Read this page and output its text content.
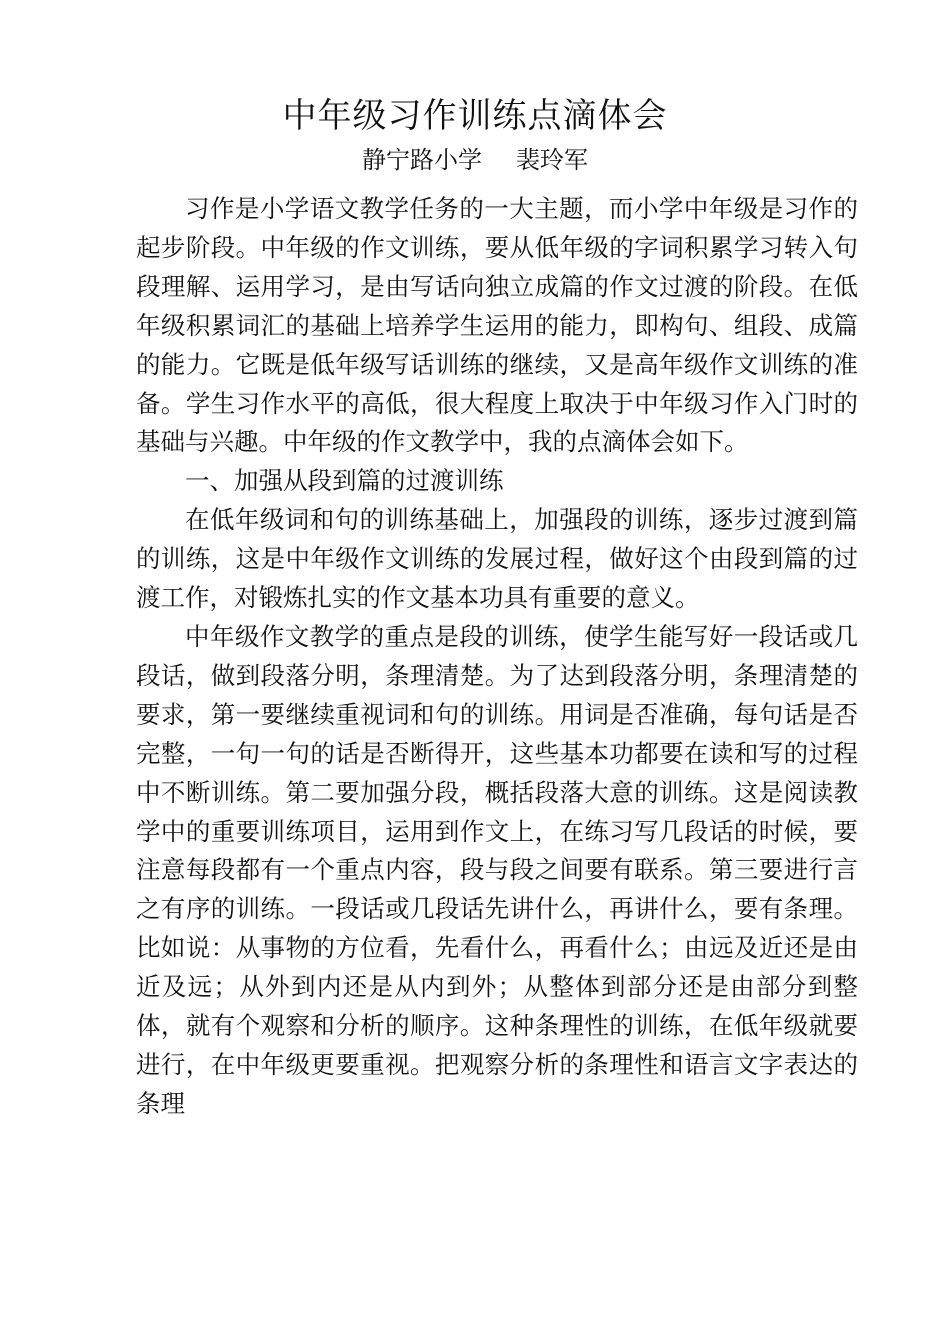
中年级习作训练点滴体会
静宁路小学 裴玲军

习作是小学语文教学任务的一大主题，而小学中年级是习作的起步阶段。中年级的作文训练，要从低年级的字词积累学习转入句段理解、运用学习，是由写话向独立成篇的作文过渡的阶段。在低年级积累词汇的基础上培养学生运用的能力，即构句、组段、成篇的能力。它既是低年级写话训练的继续，又是高年级作文训练的准备。学生习作水平的高低，很大程度上取决于中年级习作入门时的基础与兴趣。中年级的作文教学中，我的点滴体会如下。

一、加强从段到篇的过渡训练

在低年级词和句的训练基础上，加强段的训练，逐步过渡到篇的训练，这是中年级作文训练的发展过程，做好这个由段到篇的过渡工作，对锻炼扎实的作文基本功具有重要的意义。

中年级作文教学的重点是段的训练，使学生能写好一段话或几段话，做到段落分明，条理清楚。为了达到段落分明，条理清楚的要求，第一要继续重视词和句的训练。用词是否准确，每句话是否完整，一句一句的话是否断得开，这些基本功都要在读和写的过程中不断训练。第二要加强分段，概括段落大意的训练。这是阅读教学中的重要训练项目，运用到作文上，在练习写几段话的时候，要注意每段都有一个重点内容，段与段之间要有联系。第三要进行言之有序的训练。一段话或几段话先讲什么，再讲什么，要有条理。比如说：从事物的方位看，先看什么，再看什么；由远及近还是由近及远；从外到内还是从内到外；从整体到部分还是由部分到整体，就有个观察和分析的顺序。这种条理性的训练，在低年级就要进行，在中年级更要重视。把观察分析的条理性和语言文字表达的条理
